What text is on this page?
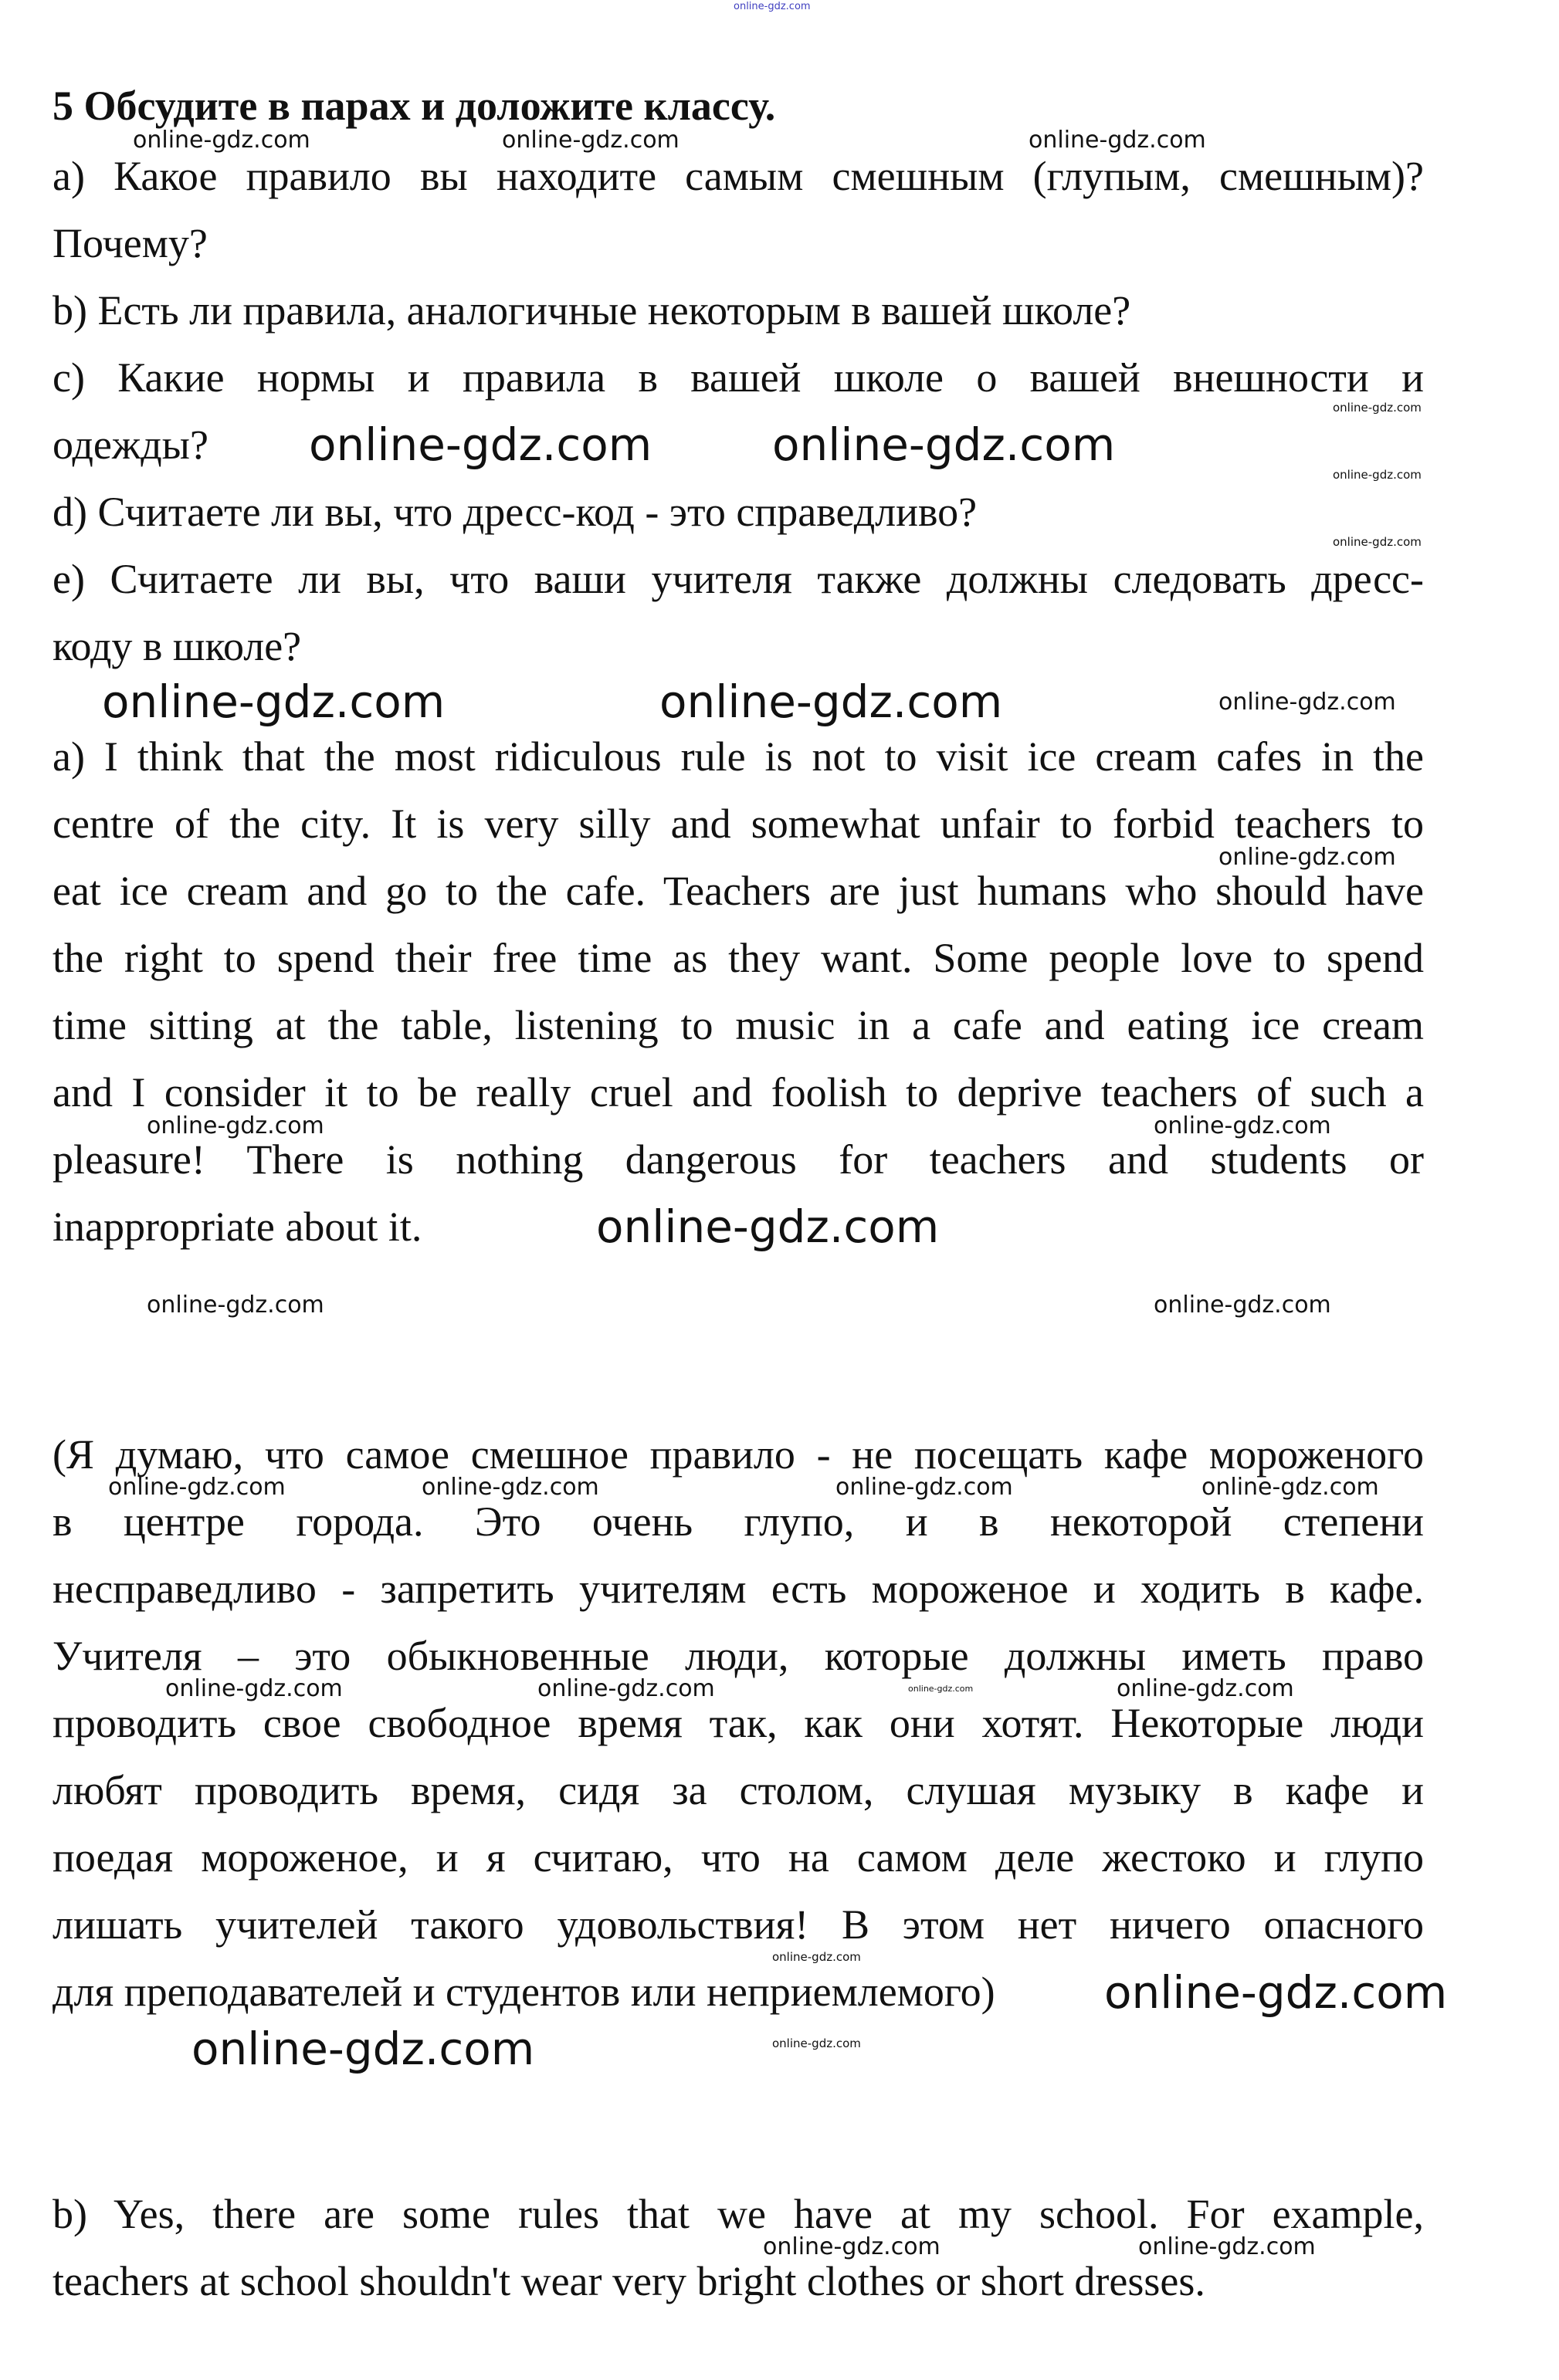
online-gdz.com
5 Обсудите в парах и доложите классу.
a) Какое правило вы находите самым смешным (глупым, смешным)?
Почему?
b) Есть ли правила, аналогичные некоторым в вашей школе?
c) Какие нормы и правила в вашей школе о вашей внешности и
одежды?
d) Считаете ли вы, что дресс-код - это справедливо?
e) Считаете ли вы, что ваши учителя также должны следовать дресс-
коду в школе?
a) I think that the most ridiculous rule is not to visit ice cream cafes in the
centre of the city. It is very silly and somewhat unfair to forbid teachers to
eat ice cream and go to the cafe. Teachers are just humans who should have
the right to spend their free time as they want. Some people love to spend
time sitting at the table, listening to music in a cafe and eating ice cream
and I consider it to be really cruel and foolish to deprive teachers of such a
pleasure! There is nothing dangerous for teachers and students or
inappropriate about it.
(Я думаю, что самое смешное правило - не посещать кафе мороженого
в центре города. Это очень глупо, и в некоторой степени
несправедливо - запретить учителям есть мороженое и ходить в кафе.
Учителя – это обыкновенные люди, которые должны иметь право
проводить свое свободное время так, как они хотят. Некоторые люди
любят проводить время, сидя за столом, слушая музыку в кафе и
поедая мороженое, и я считаю, что на самом деле жестоко и глупо
лишать учителей такого удовольствия! В этом нет ничего опасного
для преподавателей и студентов или неприемлемого)
b) Yes, there are some rules that we have at my school. For example,
teachers at school shouldn't wear very bright clothes or short dresses.
online-gdz.com	online-gdz.com	online-gdz.com
online-gdz.com	online-gdz.com
online-gdz.com
online-gdz.com
online-gdz.com
online-gdz.com	online-gdz.com	online-gdz.com
online-gdz.com
online-gdz.com	online-gdz.com
online-gdz.com
online-gdz.com	online-gdz.com
online-gdz.com	online-gdz.com
online-gdz.com	online-gdz.com
online-gdz.com	online-gdz.com	online-gdz.com	online-gdz.com
online-gdz.com
online-gdz.com
online-gdz.com	online-gdz.com
online-gdz.com	online-gdz.com
